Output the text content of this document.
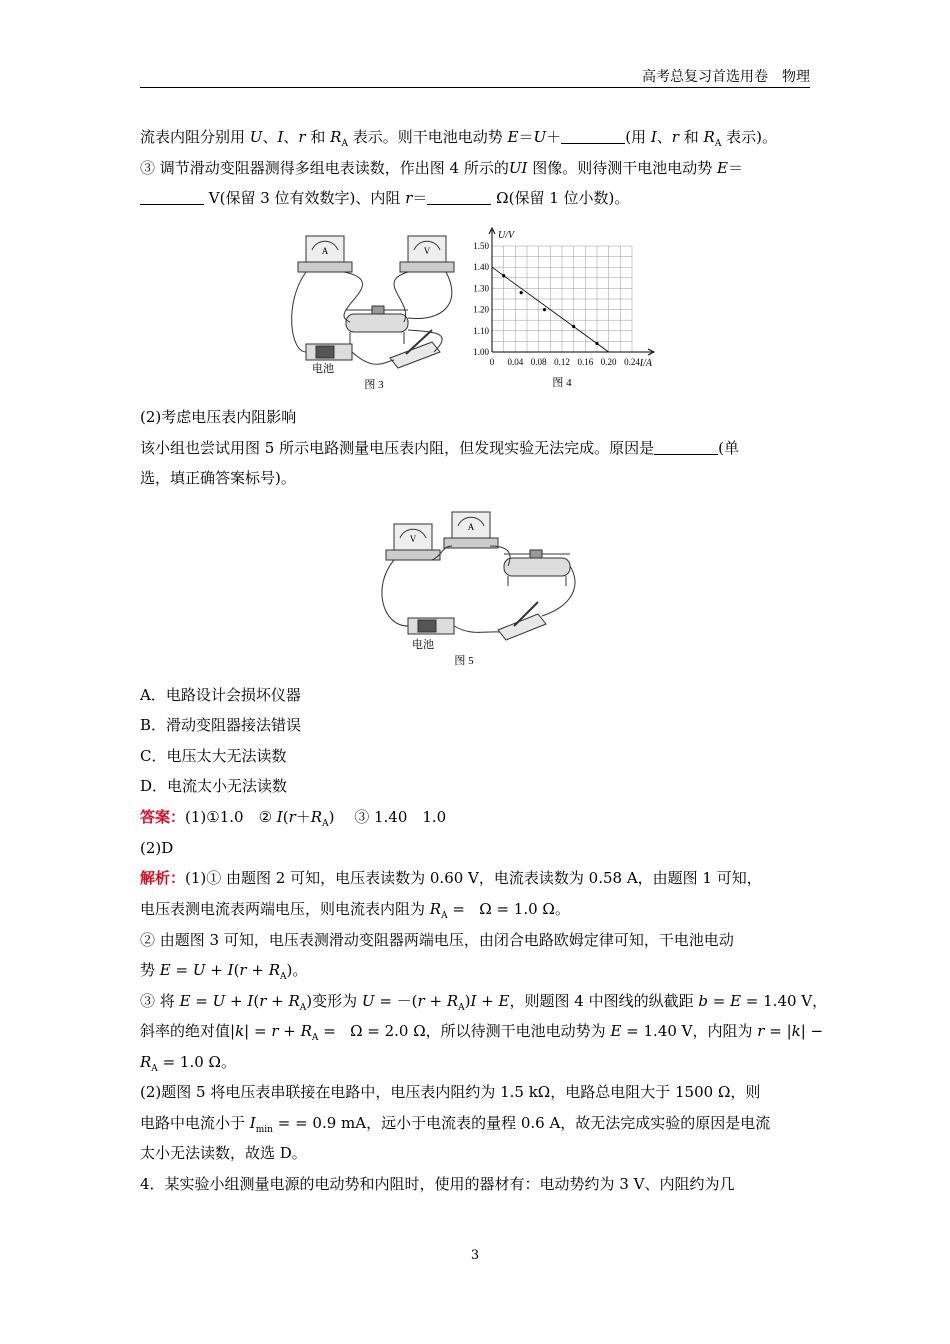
高考总复习首选用卷　物理
流表内阻分别用 U、I、r 和 $R_A$ 表示。则干电池电动势 E＝U＋	(用 I、r 和 $R_A$ 表示)。
③ 调节滑动变阻器测得多组电表读数，作出图 4 所示的UI 图像。则待测干电池电动势 E＝
V(保留 3 位有效数字)、内阻 r＝	Ω(保留 1 位小数)。
A	V
电池
图 3
0 0.04 0.08 0.12 0.16 0.20 0.24
1.00
1.10
1.20
1.30
1.40
1.50
U/V
I/A
图 4
(2)考虑电压表内阻影响
该小组也尝试用图 5 所示电路测量电压表内阻，但发现实验无法完成。原因是	(单
选，填正确答案标号)。
V
A
电池
图 5
A．电路设计会损坏仪器
B．滑动变阻器接法错误
C．电压太大无法读数
D．电流太小无法读数
答案：(1)①1.0　② $I(r+R_A)$ 　③ 1.40　1.0
(2)D
解析：(1)① 由题图 2 可知，电压表读数为 0.60 V，电流表读数为 0.58 A，由题图 1 可知，
电压表测电流表两端电压，则电流表内阻为 $R_A = \Omega = 1.0$ Ω。
② 由题图 3 可知，电压表测滑动变阻器两端电压，由闭合电路欧姆定律可知，干电池电动
势 $E = U + I(r + R_A)$。
③ 将 $E = U + I(r + R_A)$变形为 $U = -(r + R_A)I + E$，则题图 4 中图线的纵截距 b = E = 1.40 V，
斜率的绝对值$|k| = r + R_A = \Omega = 2.0$ Ω，所以待测干电池电动势为 E = 1.40 V，内阻为 r = |k| −
$R_A = 1.0$ Ω。
(2)题图 5 将电压表串联接在电路中，电压表内阻约为 1.5 kΩ，电路总电阻大于 1500 Ω，则
电路中电流小于 $I_{min}$ = = 0.9 mA，远小于电流表的量程 0.6 A，故无法完成实验的原因是电流
太小无法读数，故选 D。
4．某实验小组测量电源的电动势和内阻时，使用的器材有：电动势约为 3 V、内阻约为几
3
